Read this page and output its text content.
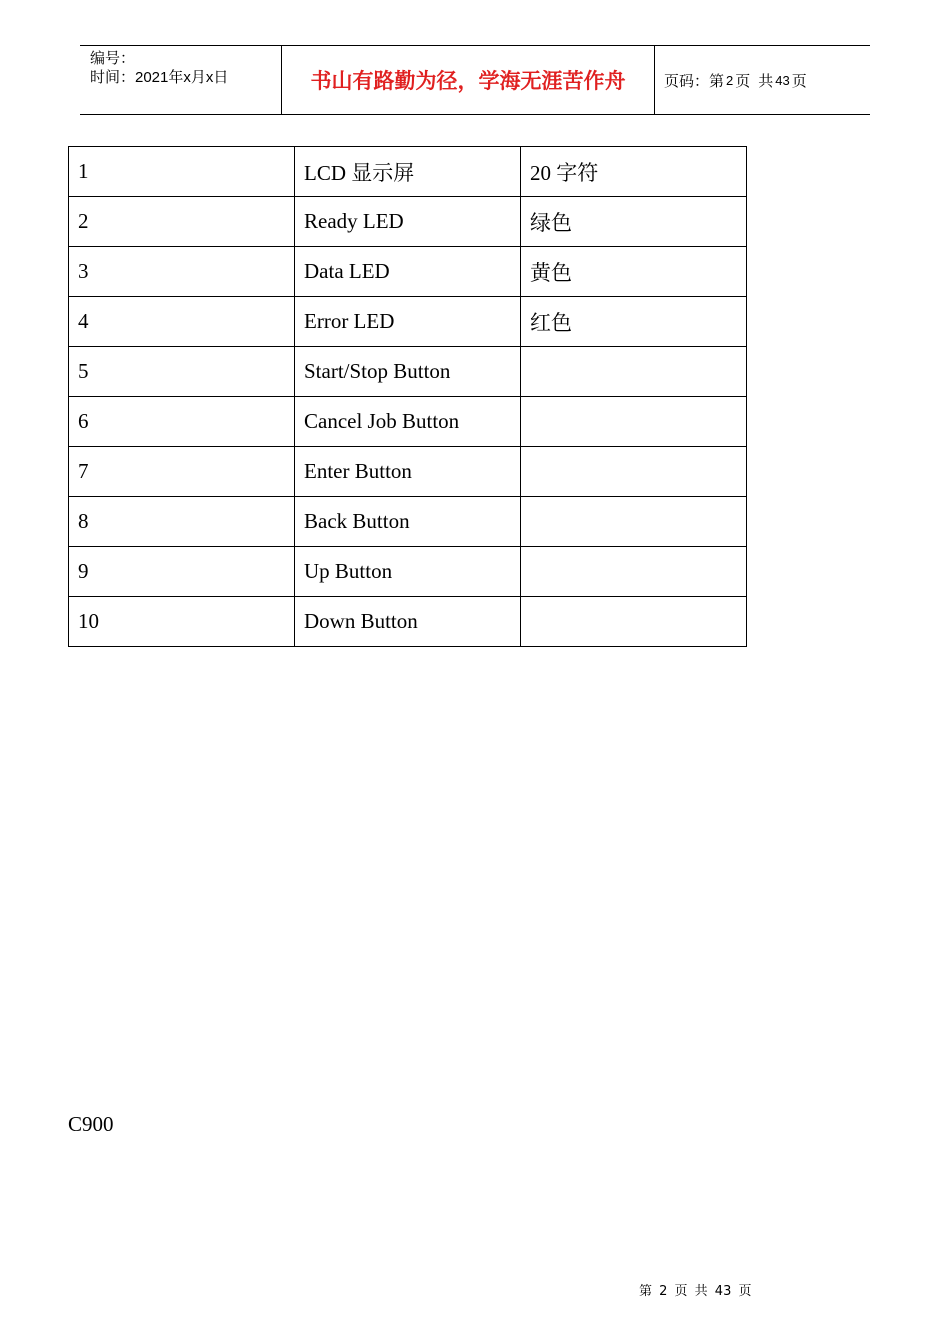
编号：
时间：2021年x月x日	书山有路勤为径，学海无涯苦作舟	页码：第 2 页 共 43 页
1	LCD 显示屏	20 字符
2	Ready LED	绿色
3	Data LED	黄色
4	Error LED	红色
5	Start/Stop Button	
6	Cancel Job Button	
7	Enter Button	
8	Back Button	
9	Up Button	
10	Down Button	
C900
第 2 页 共 43 页
